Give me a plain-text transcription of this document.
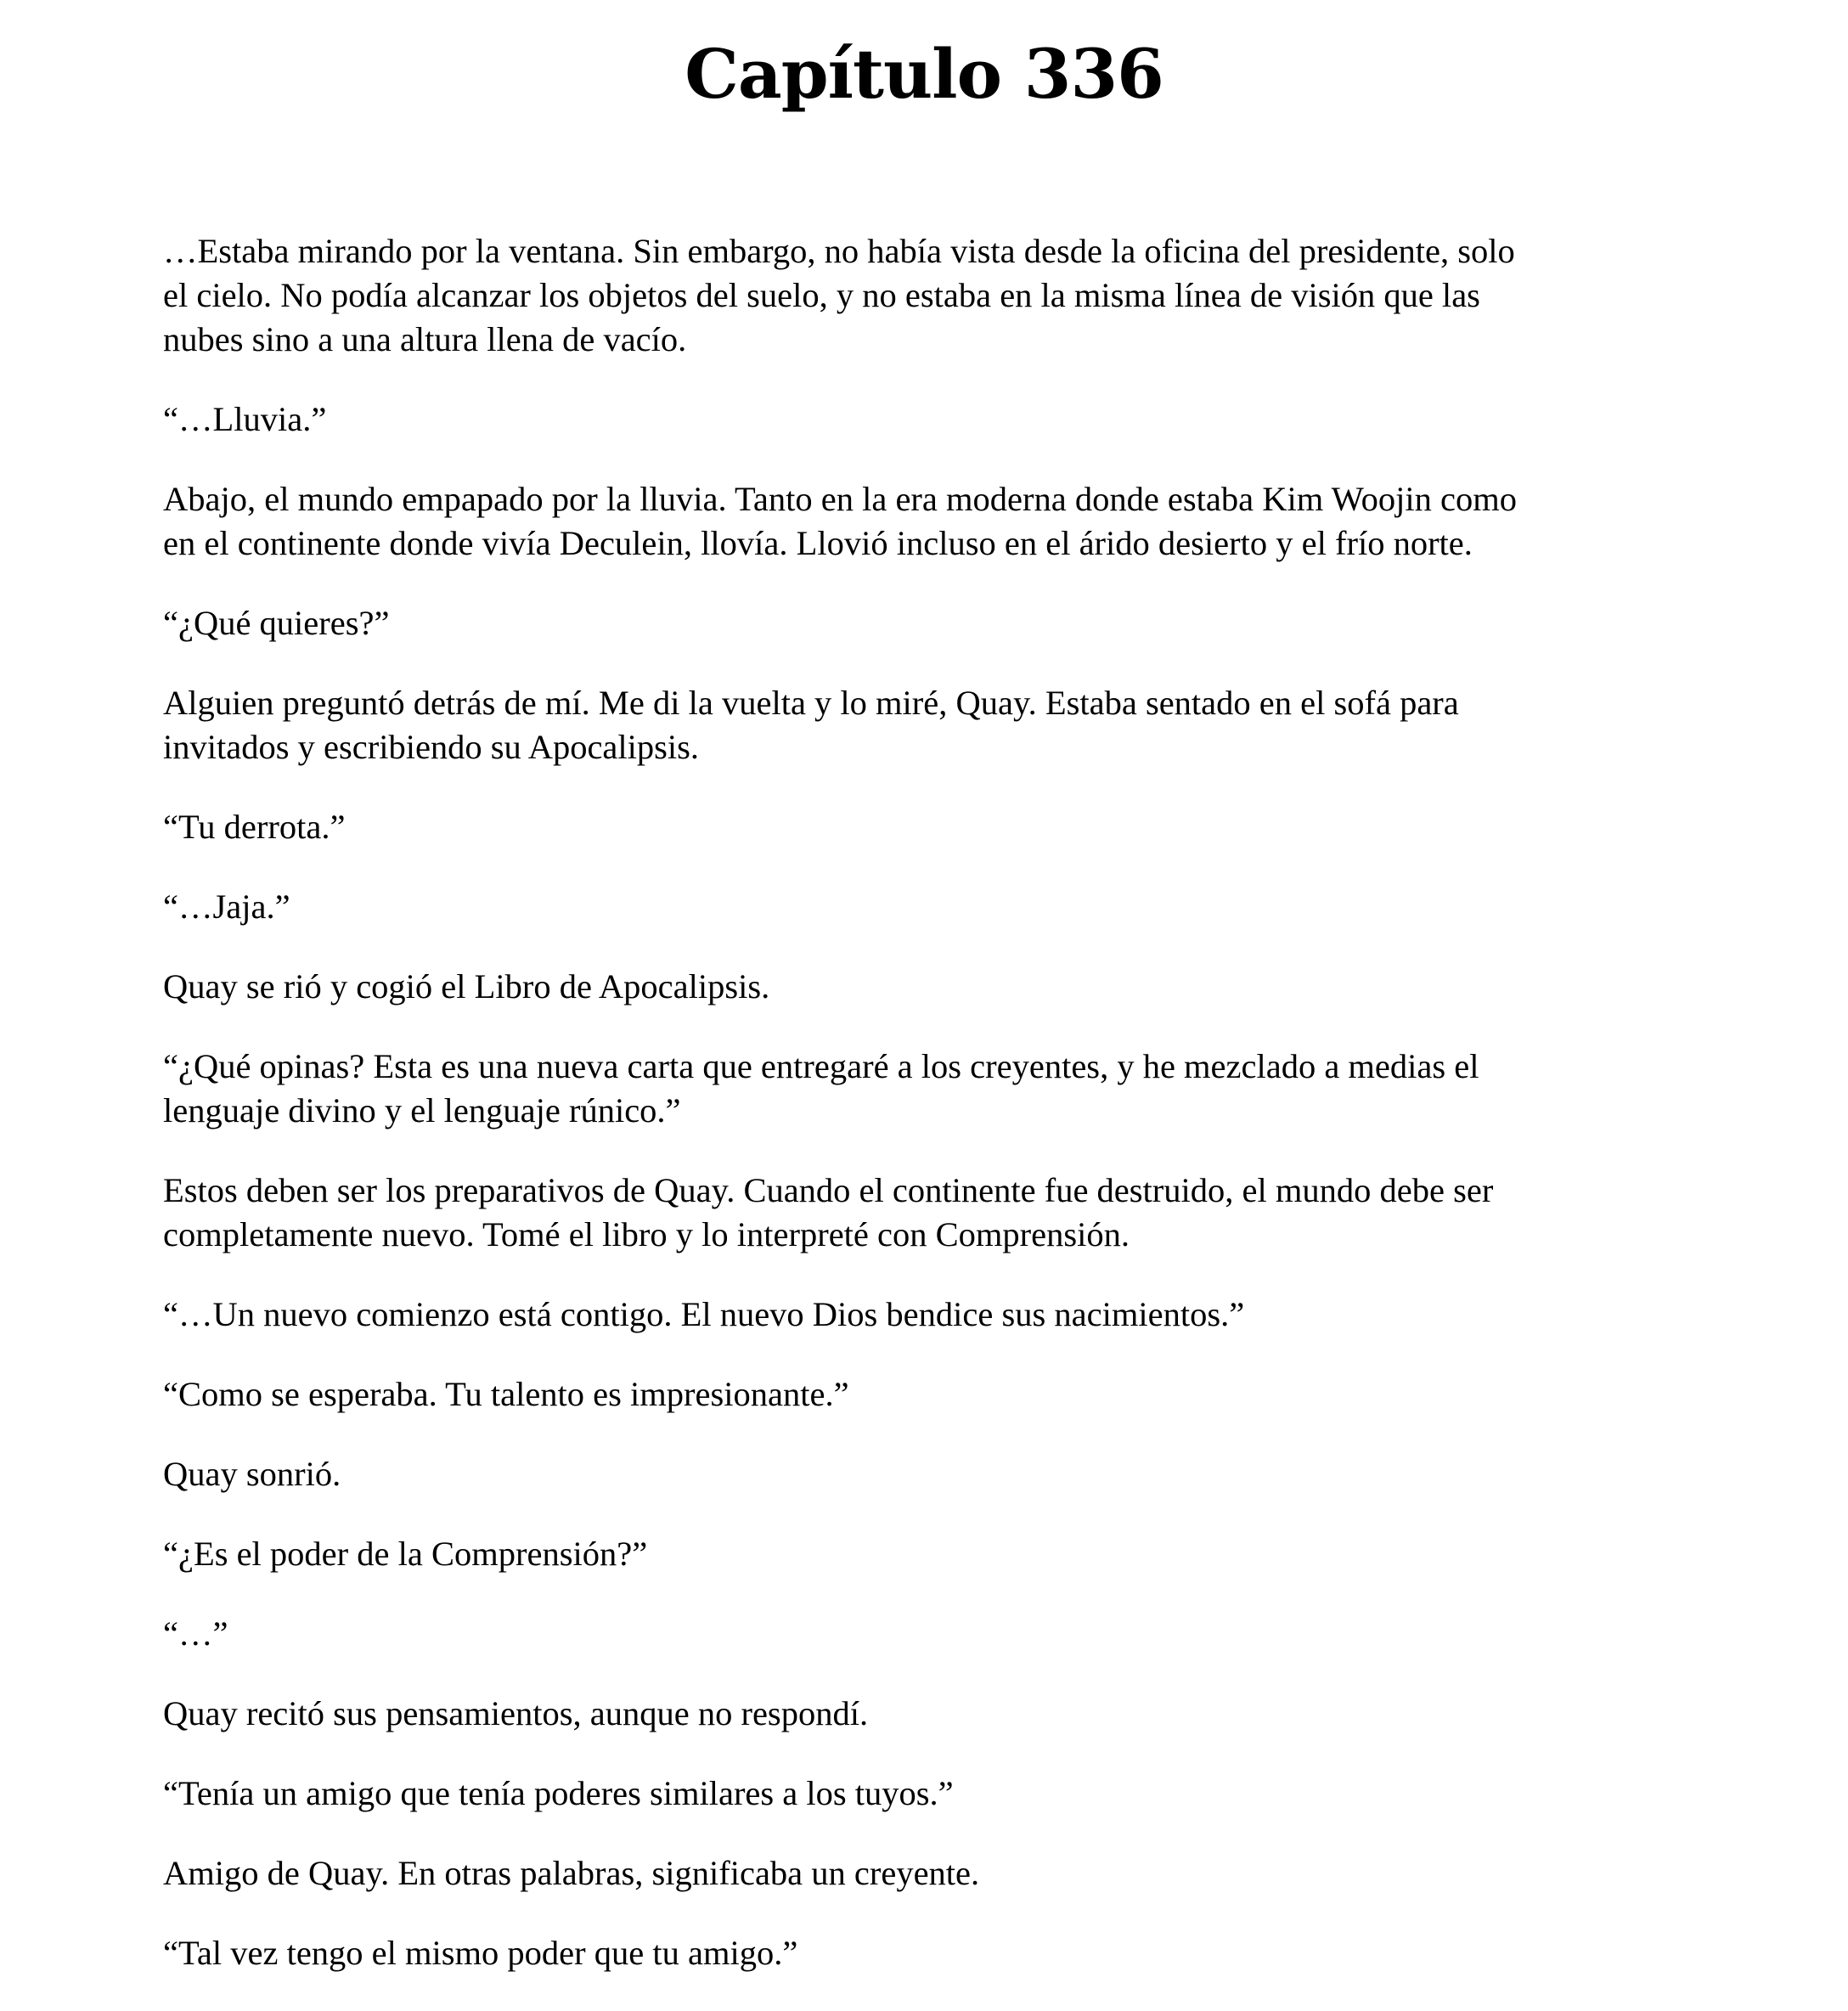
Capítulo 336

…Estaba mirando por la ventana. Sin embargo, no había vista desde la oficina del presidente, solo
el cielo. No podía alcanzar los objetos del suelo, y no estaba en la misma línea de visión que las
nubes sino a una altura llena de vacío.

“…Lluvia.”

Abajo, el mundo empapado por la lluvia. Tanto en la era moderna donde estaba Kim Woojin como
en el continente donde vivía Deculein, llovía. Llovió incluso en el árido desierto y el frío norte.

“¿Qué quieres?”

Alguien preguntó detrás de mí. Me di la vuelta y lo miré, Quay. Estaba sentado en el sofá para
invitados y escribiendo su Apocalipsis.

“Tu derrota.”

“…Jaja.”

Quay se rió y cogió el Libro de Apocalipsis.

“¿Qué opinas? Esta es una nueva carta que entregaré a los creyentes, y he mezclado a medias el
lenguaje divino y el lenguaje rúnico.”

Estos deben ser los preparativos de Quay. Cuando el continente fue destruido, el mundo debe ser
completamente nuevo. Tomé el libro y lo interpreté con Comprensión.

“…Un nuevo comienzo está contigo. El nuevo Dios bendice sus nacimientos.”

“Como se esperaba. Tu talento es impresionante.”

Quay sonrió.

“¿Es el poder de la Comprensión?”

“…”

Quay recitó sus pensamientos, aunque no respondí.

“Tenía un amigo que tenía poderes similares a los tuyos.”

Amigo de Quay. En otras palabras, significaba un creyente.

“Tal vez tengo el mismo poder que tu amigo.”
